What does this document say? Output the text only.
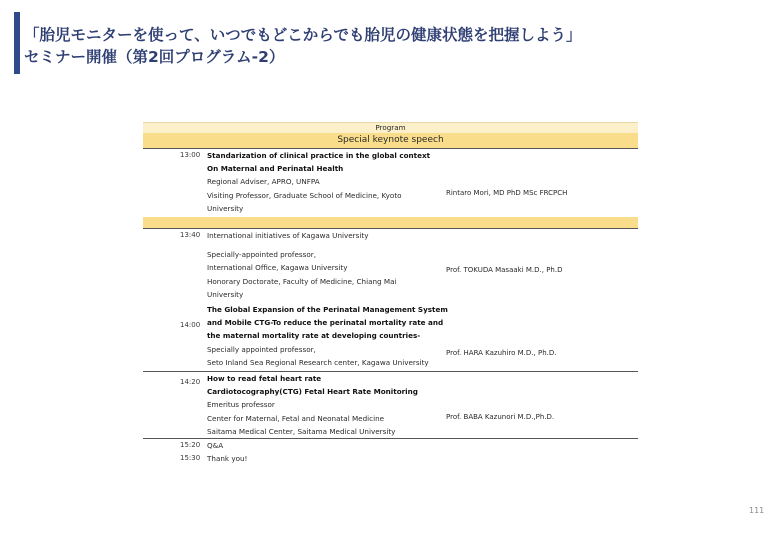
「胎児モニターを使って、いつでもどこからでも胎児の健康状態を把握しよう」
セミナー開催（第2回プログラム-2）
Program
Special keynote speech
13:00 Standarization of clinical practice in the global context
On Maternal and Perinatal Health
Regional Adviser, APRO, UNFPA
Visiting Professor, Graduate School of Medicine, Kyoto
University
Rintaro Mori, MD PhD MSc FRCPCH
13:40 International initiatives of Kagawa University
Specially-appointed professor,
International Office, Kagawa University
Honorary Doctorate, Faculty of Medicine, Chiang Mai
University
Prof. TOKUDA Masaaki M.D., Ph.D
14:00
The Global Expansion of the Perinatal Management System
and Mobile CTG-To reduce the perinatal mortality rate and
the maternal mortality rate at developing countries-
Specially appointed professor,
Seto Inland Sea Regional Research center, Kagawa University
Prof. HARA Kazuhiro M.D., Ph.D.
14:20 How to read fetal heart rate
Cardiotocography(CTG) Fetal Heart Rate Monitoring
Emeritus professor
Center for Maternal, Fetal and Neonatal Medicine
Saitama Medical Center, Saitama Medical University
Prof. BABA Kazunori M.D.,Ph.D.
15:20 Q&A
15:30 Thank you!
111
